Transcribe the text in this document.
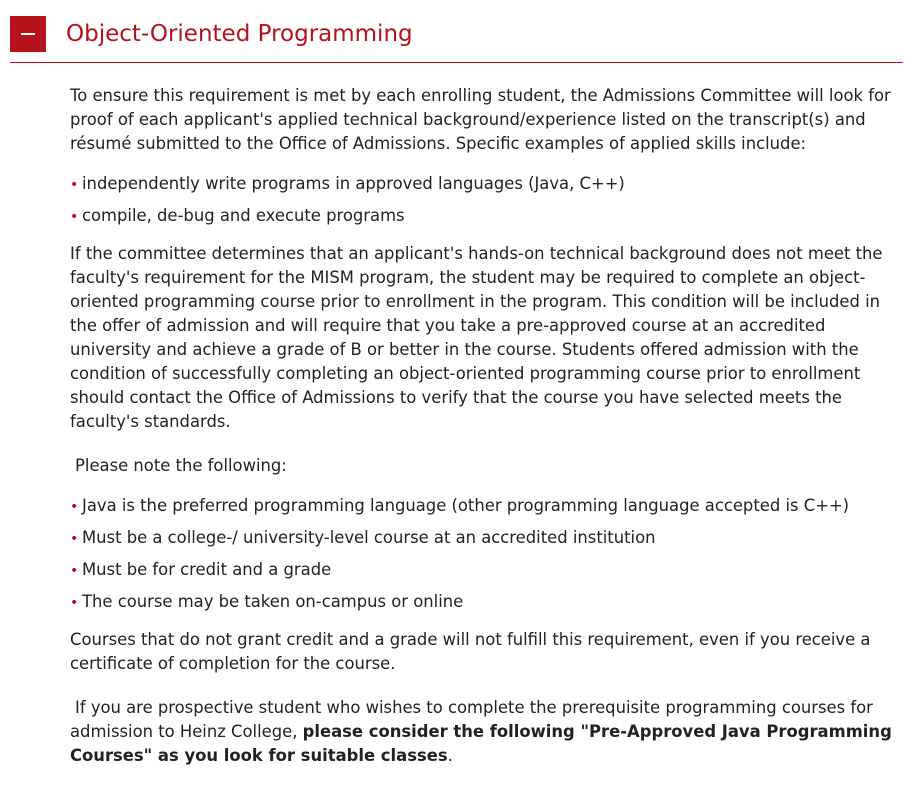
Object-Oriented Programming

To ensure this requirement is met by each enrolling student, the Admissions Committee will look for proof of each applicant's applied technical background/experience listed on the transcript(s) and résumé submitted to the Office of Admissions. Specific examples of applied skills include:

• independently write programs in approved languages (Java, C++)
• compile, de-bug and execute programs

If the committee determines that an applicant's hands-on technical background does not meet the faculty's requirement for the MISM program, the student may be required to complete an object-oriented programming course prior to enrollment in the program. This condition will be included in the offer of admission and will require that you take a pre-approved course at an accredited university and achieve a grade of B or better in the course. Students offered admission with the condition of successfully completing an object-oriented programming course prior to enrollment should contact the Office of Admissions to verify that the course you have selected meets the faculty's standards.

Please note the following:

• Java is the preferred programming language (other programming language accepted is C++)
• Must be a college-/ university-level course at an accredited institution
• Must be for credit and a grade
• The course may be taken on-campus or online

Courses that do not grant credit and a grade will not fulfill this requirement, even if you receive a certificate of completion for the course.

If you are prospective student who wishes to complete the prerequisite programming courses for admission to Heinz College, please consider the following "Pre-Approved Java Programming Courses" as you look for suitable classes.
